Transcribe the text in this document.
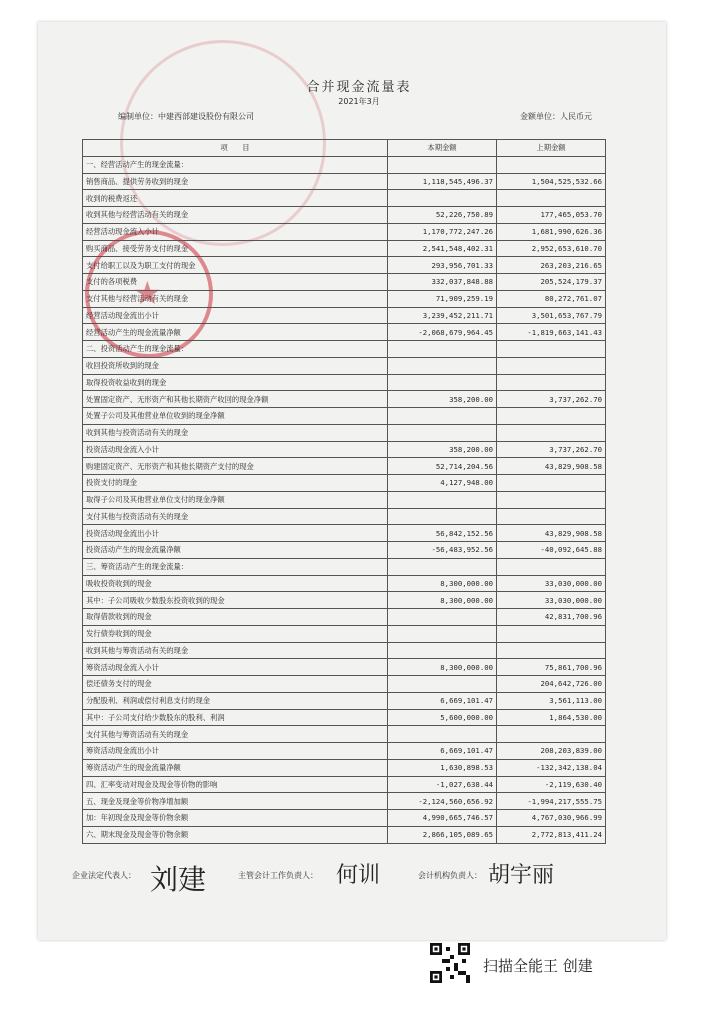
★
合并现金流量表
2021年3月
编制单位：中建西部建设股份有限公司	金额单位：人民币元
项　　目	本期金额	上期金额
一、经营活动产生的现金流量：		
销售商品、提供劳务收到的现金	1,118,545,496.37	1,504,525,532.66
收到的税费返还		
收到其他与经营活动有关的现金	52,226,750.89	177,465,053.70
经营活动现金流入小计	1,170,772,247.26	1,681,990,626.36
购买商品、接受劳务支付的现金	2,541,548,402.31	2,952,653,610.70
支付给职工以及为职工支付的现金	293,956,701.33	263,203,216.65
支付的各项税费	332,037,848.88	205,524,179.37
支付其他与经营活动有关的现金	71,909,259.19	80,272,761.07
经营活动现金流出小计	3,239,452,211.71	3,501,653,767.79
经营活动产生的现金流量净额	-2,068,679,964.45	-1,819,663,141.43
二、投资活动产生的现金流量：		
收回投资所收到的现金		
取得投资收益收到的现金		
处置固定资产、无形资产和其他长期资产收回的现金净额	358,200.00	3,737,262.70
处置子公司及其他营业单位收到的现金净额		
收到其他与投资活动有关的现金		
投资活动现金流入小计	358,200.00	3,737,262.70
购建固定资产、无形资产和其他长期资产支付的现金	52,714,204.56	43,829,908.58
投资支付的现金	4,127,948.00	
取得子公司及其他营业单位支付的现金净额		
支付其他与投资活动有关的现金		
投资活动现金流出小计	56,842,152.56	43,829,908.58
投资活动产生的现金流量净额	-56,483,952.56	-40,092,645.88
三、筹资活动产生的现金流量：		
吸收投资收到的现金	8,300,000.00	33,030,000.00
其中：子公司吸收少数股东投资收到的现金	8,300,000.00	33,030,000.00
取得借款收到的现金		42,831,700.96
发行债券收到的现金		
收到其他与筹资活动有关的现金		
筹资活动现金流入小计	8,300,000.00	75,861,700.96
偿还债务支付的现金		204,642,726.00
分配股利、利润或偿付利息支付的现金	6,669,101.47	3,561,113.00
其中：子公司支付给少数股东的股利、利润	5,600,000.00	1,864,530.00
支付其他与筹资活动有关的现金		
筹资活动现金流出小计	6,669,101.47	208,203,839.00
筹资活动产生的现金流量净额	1,630,898.53	-132,342,138.04
四、汇率变动对现金及现金等价物的影响	-1,027,638.44	-2,119,630.40
五、现金及现金等价物净增加额	-2,124,560,656.92	-1,994,217,555.75
加：年初现金及现金等价物余额	4,990,665,746.57	4,767,030,966.99
六、期末现金及现金等价物余额	2,866,105,089.65	2,772,813,411.24
企业法定代表人： 刘建	主管会计工作负责人： 何训	会计机构负责人： 胡宇丽
扫描全能王 创建
